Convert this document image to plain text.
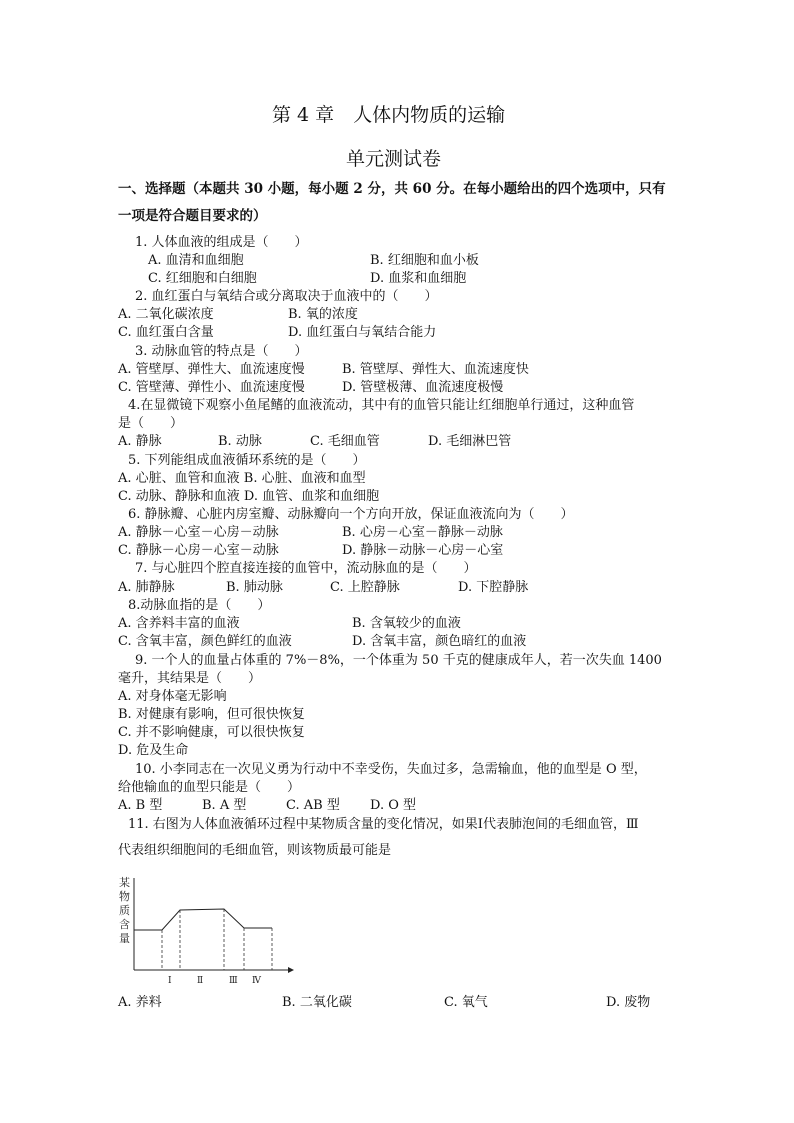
第 4 章　人体内物质的运输
单元测试卷
一、选择题（本题共 30 小题，每小题 2 分，共 60 分。在每小题给出的四个选项中，只有
一项是符合题目要求的）
1. 人体血液的组成是（　　）
A. 血清和血细胞	B. 红细胞和血小板
C. 红细胞和白细胞	D. 血浆和血细胞
2. 血红蛋白与氧结合或分离取决于血液中的（　　）
A. 二氧化碳浓度	B. 氧的浓度
C. 血红蛋白含量	D. 血红蛋白与氧结合能力
3. 动脉血管的特点是（　　）
A. 管壁厚、弹性大、血流速度慢	B. 管壁厚、弹性大、血流速度快
C. 管壁薄、弹性小、血流速度慢	D. 管壁极薄、血流速度极慢
4.在显微镜下观察小鱼尾鳍的血液流动，其中有的血管只能让红细胞单行通过，这种血管
是（　　）
A. 静脉	B. 动脉	C. 毛细血管	D. 毛细淋巴管
5. 下列能组成血液循环系统的是（　　）
A. 心脏、血管和血液 B. 心脏、血液和血型
C. 动脉、静脉和血液 D. 血管、血浆和血细胞
6. 静脉瓣、心脏内房室瓣、动脉瓣向一个方向开放，保证血液流向为（　　）
A. 静脉－心室－心房－动脉	B. 心房－心室－静脉－动脉
C. 静脉－心房－心室－动脉	D. 静脉－动脉－心房－心室
7. 与心脏四个腔直接连接的血管中，流动脉血的是（　　）
A. 肺静脉	B. 肺动脉	C. 上腔静脉	D. 下腔静脉
8.动脉血指的是（　　）
A. 含养料丰富的血液	B. 含氧较少的血液
C. 含氧丰富，颜色鲜红的血液	D. 含氧丰富，颜色暗红的血液
9. 一个人的血量占体重的 7%－8%，一个体重为 50 千克的健康成年人，若一次失血 1400
毫升，其结果是（　　）
A. 对身体毫无影响
B. 对健康有影响，但可很快恢复
C. 并不影响健康，可以很快恢复
D. 危及生命
10. 小李同志在一次见义勇为行动中不幸受伤，失血过多，急需输血，他的血型是 O 型，
给他输血的血型只能是（　　）
A. B 型	B. A 型	C. AB 型 D. O 型
11. 右图为人体血液循环过程中某物质含量的变化情况，如果Ⅰ代表肺泡间的毛细血管，Ⅲ
代表组织细胞间的毛细血管，则该物质最可能是
某
物
质
含
量
Ⅰ	Ⅱ	Ⅲ Ⅳ
A. 养料	B. 二氧化碳	C. 氧气	D. 废物
